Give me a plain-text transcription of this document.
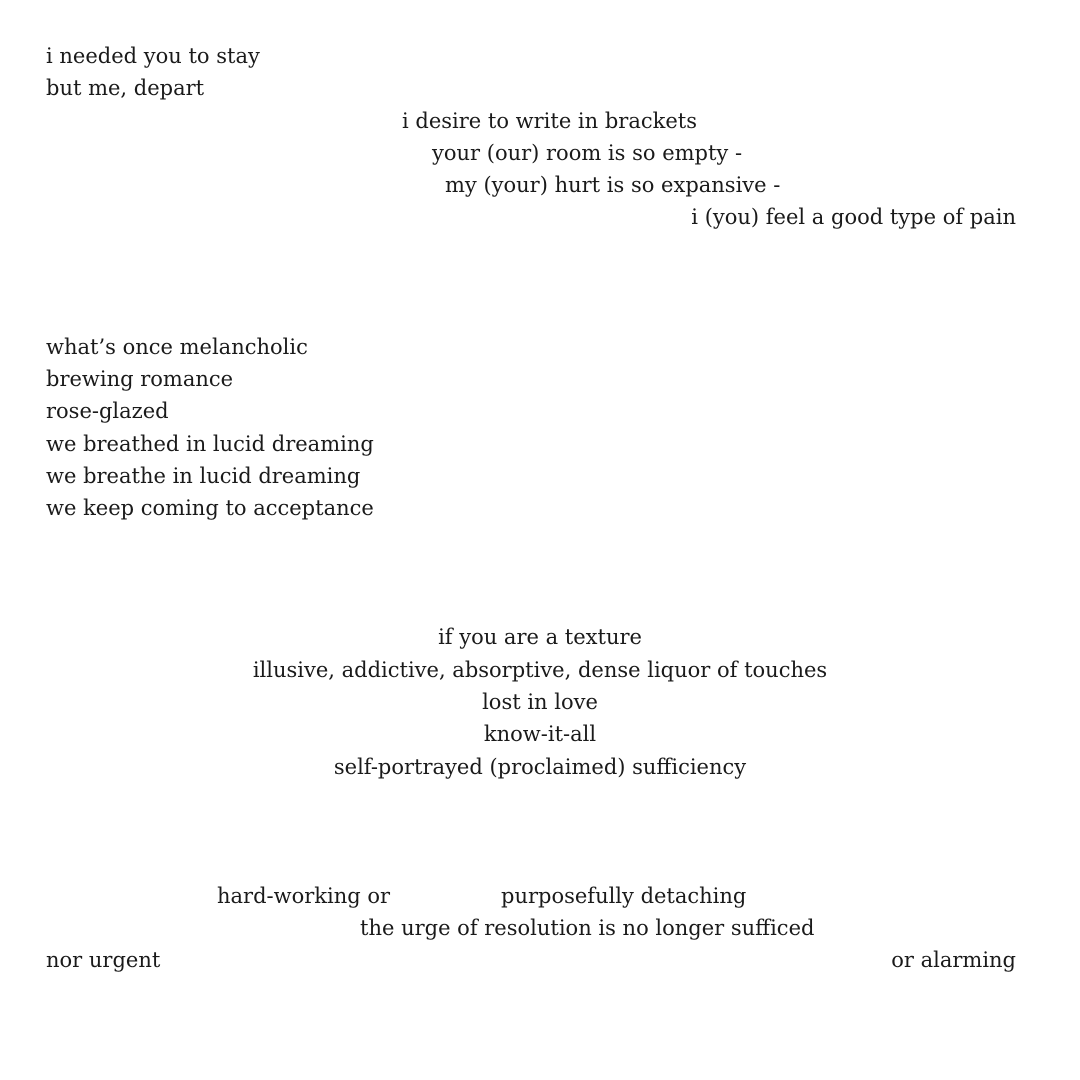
i needed you to stay
but me, depart
i desire to write in brackets
your (our) room is so empty -
my (your) hurt is so expansive -
i (you) feel a good type of pain
what’s once melancholic
brewing romance
rose-glazed
we breathed in lucid dreaming
we breathe in lucid dreaming
we keep coming to acceptance
if you are a texture
illusive, addictive, absorptive, dense liquor of touches
lost in love
know-it-all
self-portrayed (proclaimed) sufficiency
hard-working or	purposefully detaching
the urge of resolution is no longer sufficed
nor urgent	or alarming
